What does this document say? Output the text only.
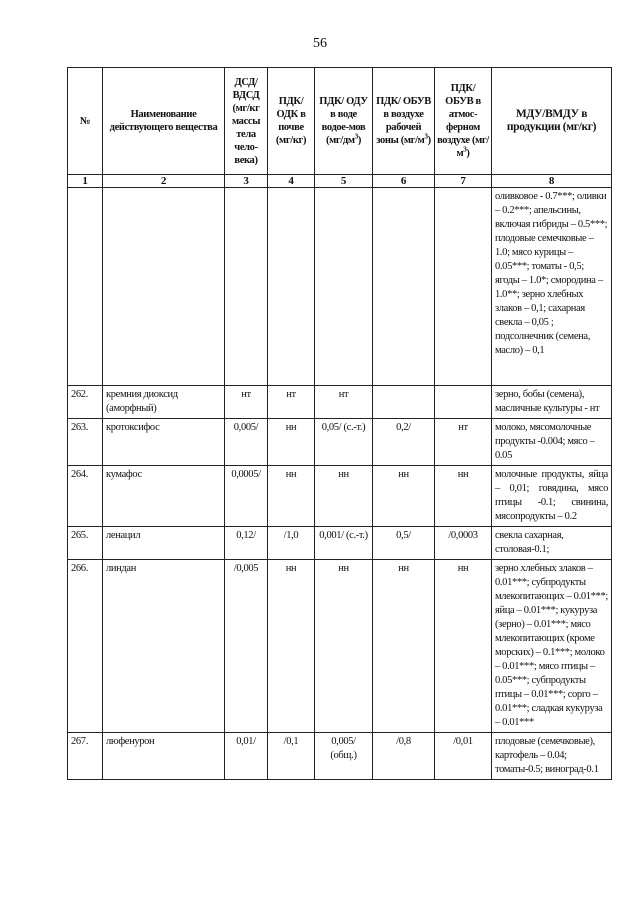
56
№	Наименование действующего вещества	ДСД/ ВДСД (мг/кг массы тела чело-века)	ПДК/ ОДК в почве (мг/кг)	ПДК/ ОДУ в воде водое-мов $(мг/дм^3)$	ПДК/ ОБУВ в воздухе рабочей зоны $(мг/м^3)$	ПДК/ ОБУВ в атмос-ферном воздухе $(мг/м^3)$	МДУ/ВМДУ в продукции (мг/кг)
1	2	3	4	5	6	7	8
							оливковое - 0.7***; оливки – 0.2***; апельсины, включая гибриды – 0.5***; плодовые семечковые – 1.0; мясо курицы – 0.05***; томаты - 0,5; ягоды – 1.0*; смородина – 1.0**; зерно хлебных злаков – 0,1; сахарная свекла – 0,05 ; подсолнечник (семена, масло) – 0,1
262.	кремния диоксид (аморфный)	нт	нт	нт			зерно, бобы (семена), масличные культуры - нт
263.	кротоксифос	0,005/	нн	0,05/ (с.-т.)	0,2/	нт	молоко, мясомолочные продукты -0.004; мясо – 0.05
264.	кумафос	0,0005/	нн	нн	нн	нн	молочные продукты, яйца – 0,01; говядина, мясо птицы -0.1; свинина, мясопродукты – 0.2
265.	ленацил	0,12/	/1,0	0,001/ (с.-т.)	0,5/	/0,0003	свекла сахарная, столовая-0.1;
266.	линдан	/0,005	нн	нн	нн	нн	зерно хлебных злаков – 0.01***; субпродукты млекопитающих – 0.01***; яйца – 0.01***; кукуруза (зерно) – 0.01***; мясо млекопитающих (кроме морских) – 0.1***; молоко – 0.01***; мясо птицы – 0.05***; субпродукты птицы – 0.01***; сорго – 0.01***; сладкая кукуруза – 0.01***
267.	люфенурон	0,01/	/0,1	0,005/ (общ.)	/0,8	/0,01	плодовые (семечковые), картофель – 0.04; томаты-0.5; виноград-0.1
